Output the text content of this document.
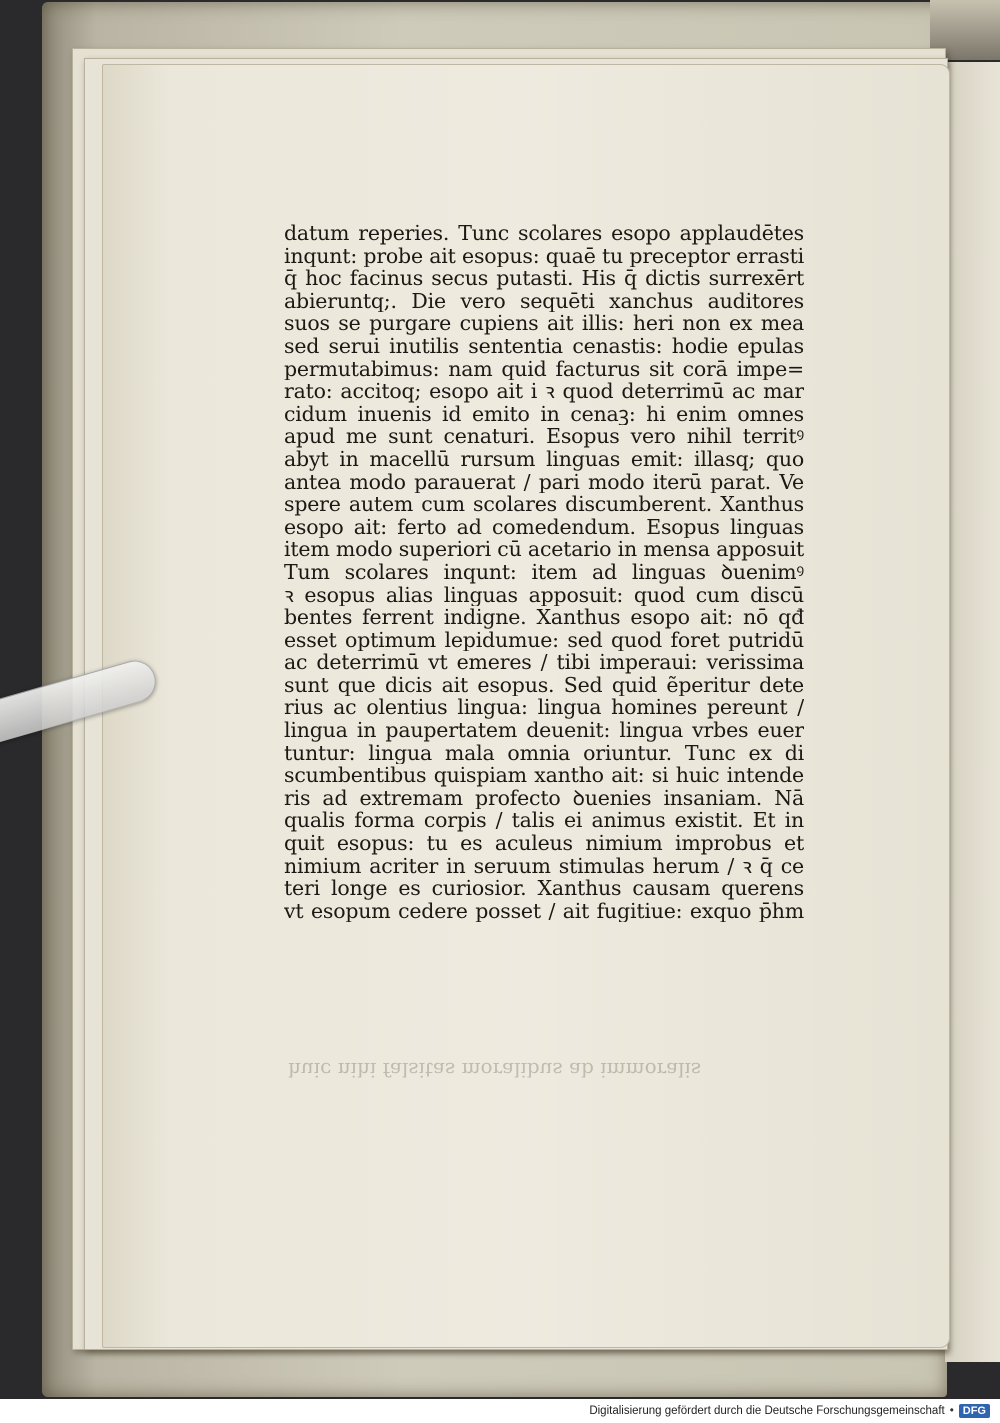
huic nihi falsitas moralibus ab immoralis
datum reperies. Tunc scolares esopo applaudētes
inqunt: probe ait esopus: quaē tu preceptor errasti
q̄ hoc facinus secus putasti. His q̄ dictis surrexērt
abieruntq;. Die vero sequēti xanchus auditores
suos se purgare cupiens ait illis: heri non ex mea
sed serui inutilis sententia cenastis: hodie epulas
permutabimus: nam quid facturus sit corā impe=
rato: accitoq; esopo ait i ꝛ quod deterrimū ac mar
cidum inuenis id emito in cenaꝫ: hi enim omnes
apud me sunt cenaturi. Esopus vero nihil territꝰ
abyt in macellū rursum linguas emit: illasq; quo
antea modo parauerat / pari modo iterū parat. Ve
spere autem cum scolares discumberent. Xanthus
esopo ait: ferto ad comedendum. Esopus linguas
item modo superiori cū acetario in mensa apposuit
Tum scolares inqunt: item ad linguas ꝺuenimꝰ
ꝛ esopus alias linguas apposuit: quod cum discū
bentes ferrent indigne. Xanthus esopo ait: nō qđ
esset optimum lepidumue: sed quod foret putridū
ac deterrimū vt emeres / tibi imperaui: verissima
sunt que dicis ait esopus. Sed quid ẽperitur dete
rius ac olentius lingua: lingua homines pereunt /
lingua in paupertatem deuenit: lingua vrbes euer
tuntur: lingua mala omnia oriuntur. Tunc ex di
scumbentibus quispiam xantho ait: si huic intende
ris ad extremam profecto ꝺuenies insaniam. Nā
qualis forma corpis / talis ei animus existit. Et in
quit esopus: tu es aculeus nimium improbus et
nimium acriter in seruum stimulas herum / ꝛ q̄ ce
teri longe es curiosior. Xanthus causam querens
vt esopum cedere posset / ait fugitiue: exquo p̄hm
Digitalisierung gefördert durch die Deutsche Forschungsgemeinschaft • DFG
